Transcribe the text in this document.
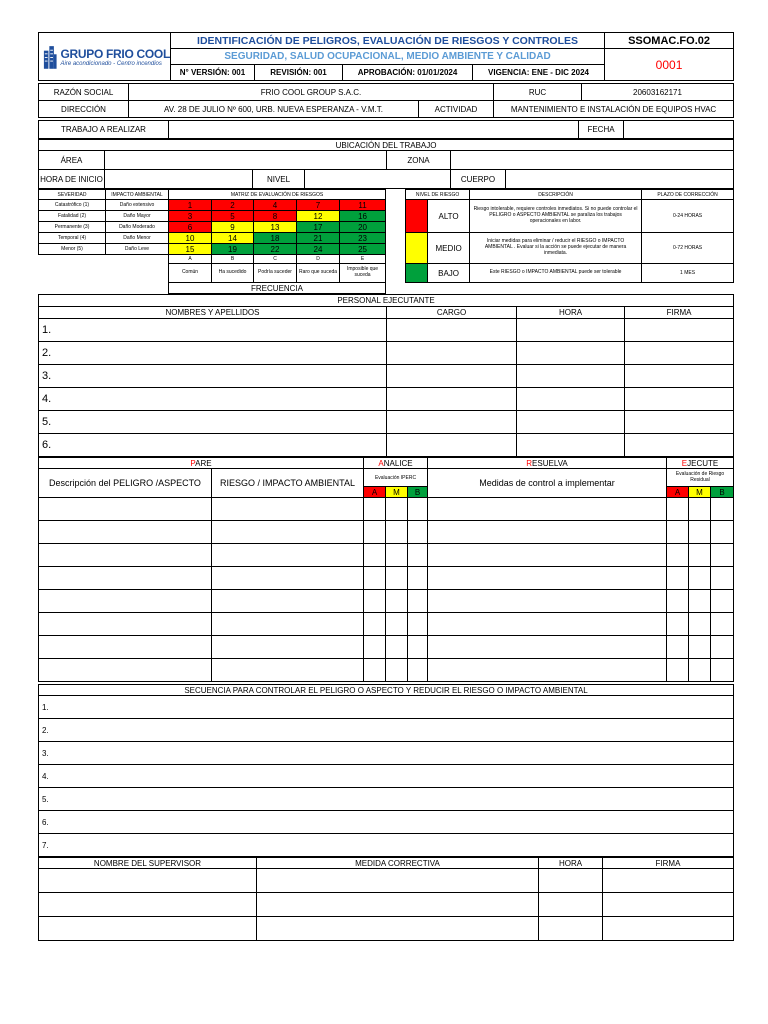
GRUPO FRIO COOL
Aire acondicionado - Centro incendios	IDENTIFICACIÓN DE PELIGROS, EVALUACIÓN DE RIESGOS Y CONTROLES				SSOMAC.FO.02
	SEGURIDAD, SALUD OCUPACIONAL, MEDIO AMBIENTE Y CALIDAD				0001
	N° VERSIÓN: 001	REVISIÓN: 001	APROBACIÓN: 01/01/2024	VIGENCIA: ENE - DIC 2024	
RAZÓN SOCIAL	FRIO COOL GROUP S.A.C.		RUC	20603162171
DIRECCIÓN	AV. 28 DE JULIO Nº 600, URB. NUEVA ESPERANZA - V.M.T.	ACTIVIDAD	MANTENIMIENTO E INSTALACIÓN DE EQUIPOS HVAC	
TRABAJO A REALIZAR		FECHA	
UBICACIÓN DEL TRABAJO						
ÁREA				ZONA		
HORA DE INICIO		NIVEL			CUERPO	
SEVERIDAD	IMPACTO AMBIENTAL	MATRIZ DE EVALUACIÓN DE RIESGOS						NIVEL DE RIESGO		DESCRIPCIÓN	PLAZO DE CORRECCIÓN
Catastrófico (1)	Daño extensivo	1	2	4	7	11			ALTO	Riesgo intolerable, requiere controles inmediatos. Si no puede controlar el PELIGRO o ASPECTO AMBIENTAL se paraliza los trabajos operacionales en labor.	0-24 HORAS
Fatalidad (2)	Daño Mayor	3	5	8	12	16					
Permanente (3)	Daño Moderado	6	9	13	17	20					
Temporal (4)	Daño Menor	10	14	18	21	23			MEDIO	Iniciar medidas para eliminar / reducir el RIESGO o IMPACTO AMBIENTAL . Evaluar si la acción se puede ejecutar de manera inmediata.	0-72 HORAS
Menor (5)	Daño Leve	15	19	22	24	25					
		A	B	C	D	E					
		Común	Ha sucedido	Podría suceder	Raro que suceda	Imposible que suceda			BAJO	Este RIESGO o IMPACTO AMBIENTAL puede ser tolerable	1 MES
		FRECUENCIA									
PERSONAL EJECUTANTE			
NOMBRES Y APELLIDOS	CARGO	HORA	FIRMA
1.			
2.			
3.			
4.			
5.			
6.			
PARE		ANALICE			RESUELVA	EJECUTE		
Descripción del PELIGRO /ASPECTO	RIESGO / IMPACTO AMBIENTAL	Evaluación IPERC			Medidas de control a implementar	Evaluación de Riesgo Residual		
		A	M	B		A	M	B

SECUENCIA PARA CONTROLAR EL PELIGRO O ASPECTO Y REDUCIR EL RIESGO O IMPACTO AMBIENTAL
1.
2.
3.
4.
5.
6.
7.
NOMBRE DEL SUPERVISOR	MEDIDA CORRECTIVA	HORA	FIRMA
